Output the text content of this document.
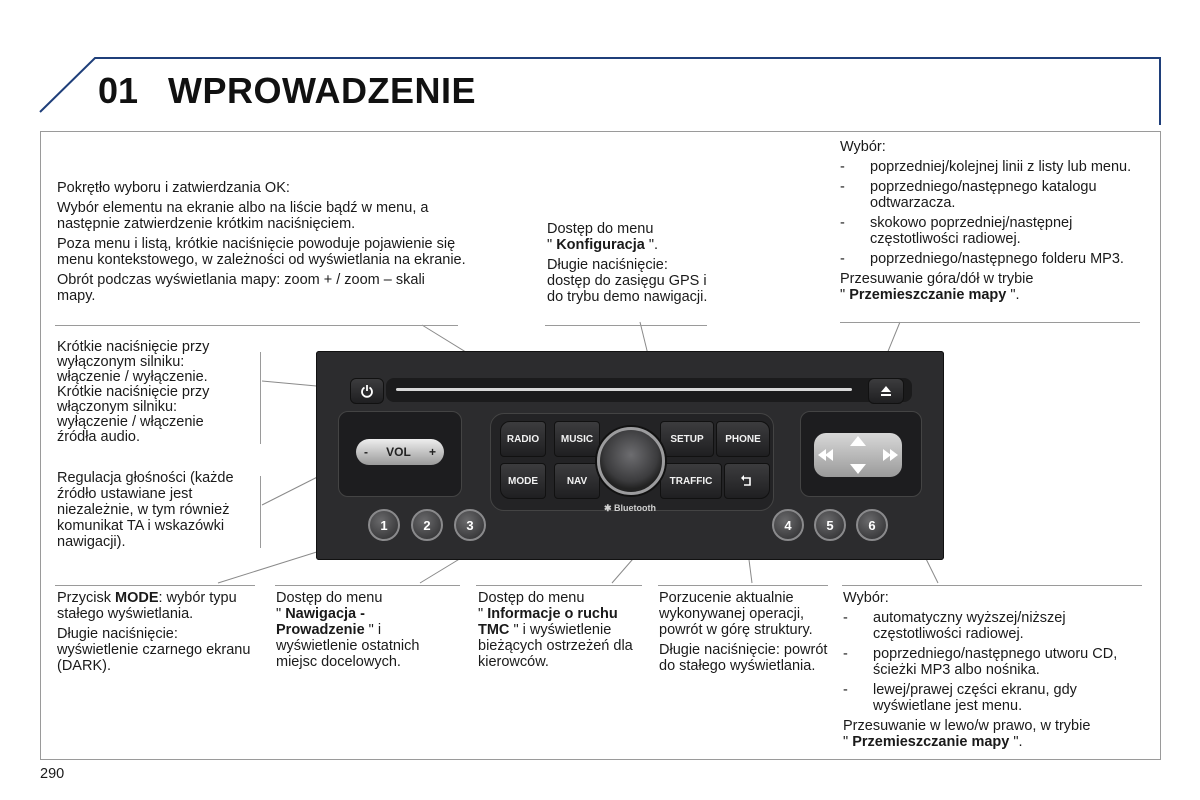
01 WPROWADZENIE

Pokrętło wyboru i zatwierdzania OK:

Wybór elementu na ekranie albo na liście bądź w menu, a następnie zatwierdzenie krótkim naciśnięciem.

Poza menu i listą, krótkie naciśnięcie powoduje pojawienie się menu kontekstowego, w zależności od wyświetlania na ekranie.

Obrót podczas wyświetlania mapy: zoom + / zoom – skali mapy.

Krótkie naciśnięcie przy wyłączonym silniku: włączenie / wyłączenie.

Krótkie naciśnięcie przy włączonym silniku: wyłączenie / włączenie źródła audio.

Regulacja głośności (każde źródło ustawiane jest niezależnie, w tym również komunikat TA i wskazówki nawigacji).

Dostęp do menu
" Konfiguracja ".

Długie naciśnięcie: dostęp do zasięgu GPS i do trybu demo nawigacji.

Wybór:

- poprzedniej/kolejnej linii z listy lub menu.
- poprzedniego/następnego katalogu odtwarzacza.
- skokowo poprzedniej/następnej częstotliwości radiowej.
- poprzedniego/następnego folderu MP3.

Przesuwanie góra/dół w trybie
" Przemieszczanie mapy ".

Przycisk MODE: wybór typu stałego wyświetlania.

Długie naciśnięcie: wyświetlenie czarnego ekranu (DARK).

Dostęp do menu
" Nawigacja - Prowadzenie " i wyświetlenie ostatnich miejsc docelowych.

Dostęp do menu
" Informacje o ruchu TMC " i wyświetlenie bieżących ostrzeżeń dla kierowców.

Porzucenie aktualnie wykonywanej operacji, powrót w górę struktury.

Długie naciśnięcie: powrót do stałego wyświetlania.

Wybór:

- automatyczny wyższej/niższej częstotliwości radiowej.
- poprzedniego/następnego utworu CD, ścieżki MP3 albo nośnika.
- lewej/prawej części ekranu, gdy wyświetlane jest menu.

Przesuwanie w lewo/w prawo, w trybie
" Przemieszczanie mapy ".

- VOL +
RADIO	MUSIC	SETUP	PHONE
MODE	NAV	TRAFFIC
✱ Bluetooth
1	2	3	4	5	6
290
